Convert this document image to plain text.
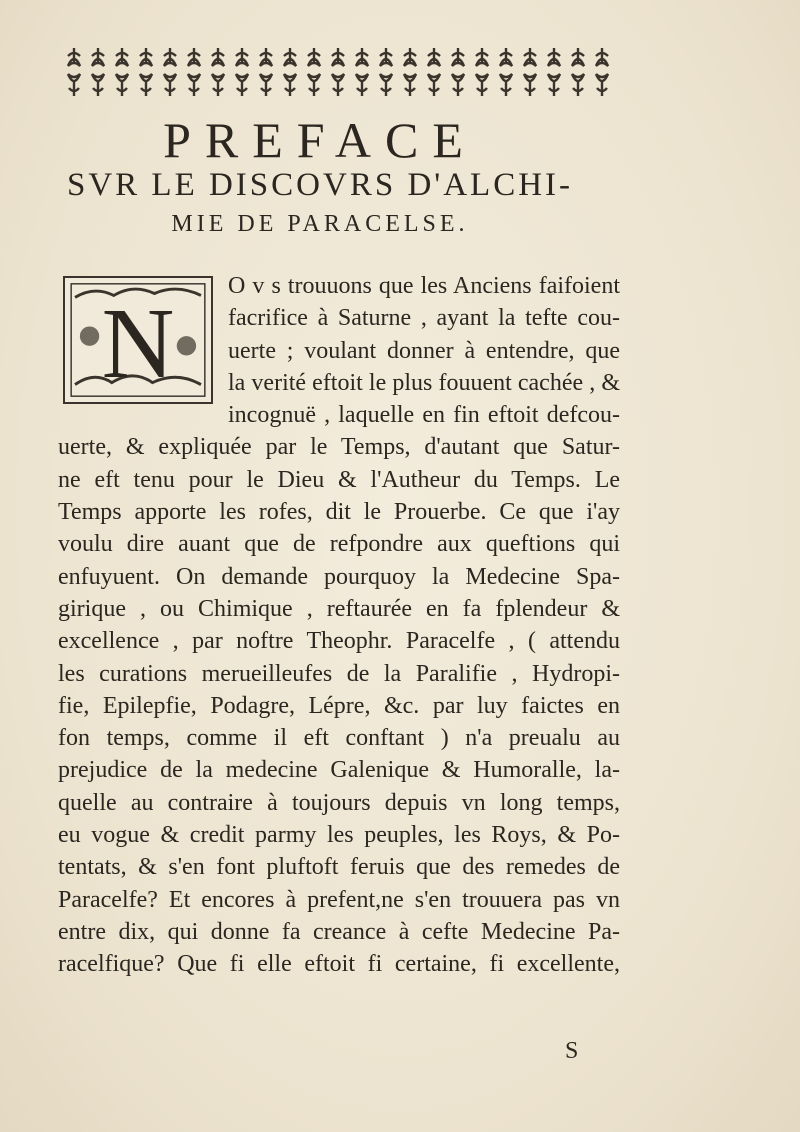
PREFACE
SVR LE DISCOVRS D'ALCHI-
MIE DE PARACELSE.
N
O v s trouuons que les Anciens faifoient
facrifice à Saturne , ayant la tefte cou-
uerte ; voulant donner à entendre, que
la verité eftoit le plus fouuent cachée , &
incognuë , laquelle en fin eftoit defcou-
uerte, & expliquée par le Temps, d'autant que Satur-
ne eft tenu pour le Dieu & l'Autheur du Temps. Le
Temps apporte les rofes, dit le Prouerbe. Ce que i'ay
voulu dire auant que de refpondre aux queftions qui
enfuyuent. On demande pourquoy la Medecine Spa-
girique , ou Chimique , reftaurée en fa fplendeur &
excellence , par noftre Theophr. Paracelfe , ( attendu
les curations merueilleufes de la Paralifie , Hydropi-
fie, Epilepfie, Podagre, Lépre, &c. par luy faictes en
fon temps, comme il eft conftant ) n'a preualu au
prejudice de la medecine Galenique & Humoralle, la-
quelle au contraire à toujours depuis vn long temps,
eu vogue & credit parmy les peuples, les Roys, & Po-
tentats, & s'en font pluftoft feruis que des remedes de
Paracelfe? Et encores à prefent,ne s'en trouuera pas vn
entre dix, qui donne fa creance à cefte Medecine Pa-
racelfique? Que fi elle eftoit fi certaine, fi excellente,
S
